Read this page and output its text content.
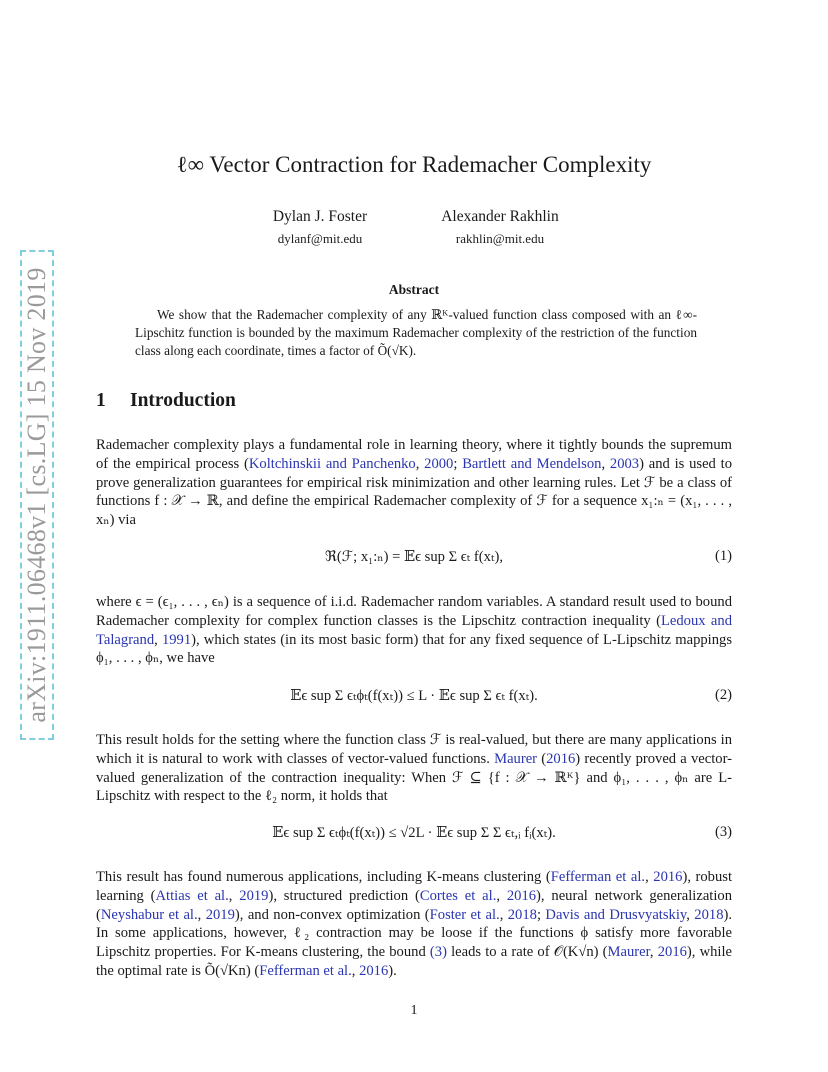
arXiv:1911.06468v1 [cs.LG] 15 Nov 2019
ℓ∞ Vector Contraction for Rademacher Complexity
Dylan J. Foster
dylanf@mit.edu
Alexander Rakhlin
rakhlin@mit.edu
Abstract
We show that the Rademacher complexity of any ℝᴷ-valued function class composed with an ℓ∞-Lipschitz function is bounded by the maximum Rademacher complexity of the restriction of the function class along each coordinate, times a factor of Õ(√K).
1 Introduction
Rademacher complexity plays a fundamental role in learning theory, where it tightly bounds the supremum of the empirical process (Koltchinskii and Panchenko, 2000; Bartlett and Mendelson, 2003) and is used to prove generalization guarantees for empirical risk minimization and other learning rules. Let ℱ be a class of functions f : 𝒳 → ℝ, and define the empirical Rademacher complexity of ℱ for a sequence x₁:ₙ = (x₁, . . . , xₙ) via
ℜ(ℱ; x₁:ₙ) = 𝔼ϵ sup Σ ϵₜ f(xₜ),	(1)
where ϵ = (ϵ₁, . . . , ϵₙ) is a sequence of i.i.d. Rademacher random variables. A standard result used to bound Rademacher complexity for complex function classes is the Lipschitz contraction inequality (Ledoux and Talagrand, 1991), which states (in its most basic form) that for any fixed sequence of L-Lipschitz mappings ϕ₁, . . . , ϕₙ, we have
𝔼ϵ sup Σ ϵₜϕₜ(f(xₜ)) ≤ L · 𝔼ϵ sup Σ ϵₜ f(xₜ).	(2)
This result holds for the setting where the function class ℱ is real-valued, but there are many applications in which it is natural to work with classes of vector-valued functions. Maurer (2016) recently proved a vector-valued generalization of the contraction inequality: When ℱ ⊆ {f : 𝒳 → ℝᴷ} and ϕ₁, . . . , ϕₙ are L-Lipschitz with respect to the ℓ₂ norm, it holds that
𝔼ϵ sup Σ ϵₜϕₜ(f(xₜ)) ≤ √2L · 𝔼ϵ sup Σ Σ ϵₜ,ᵢ fᵢ(xₜ).	(3)
This result has found numerous applications, including K-means clustering (Fefferman et al., 2016), robust learning (Attias et al., 2019), structured prediction (Cortes et al., 2016), neural network generalization (Neyshabur et al., 2019), and non-convex optimization (Foster et al., 2018; Davis and Drusvyatskiy, 2018). In some applications, however, ℓ₂ contraction may be loose if the functions ϕ satisfy more favorable Lipschitz properties. For K-means clustering, the bound (3) leads to a rate of 𝒪(K√n) (Maurer, 2016), while the optimal rate is Õ(√Kn) (Fefferman et al., 2016).
1
